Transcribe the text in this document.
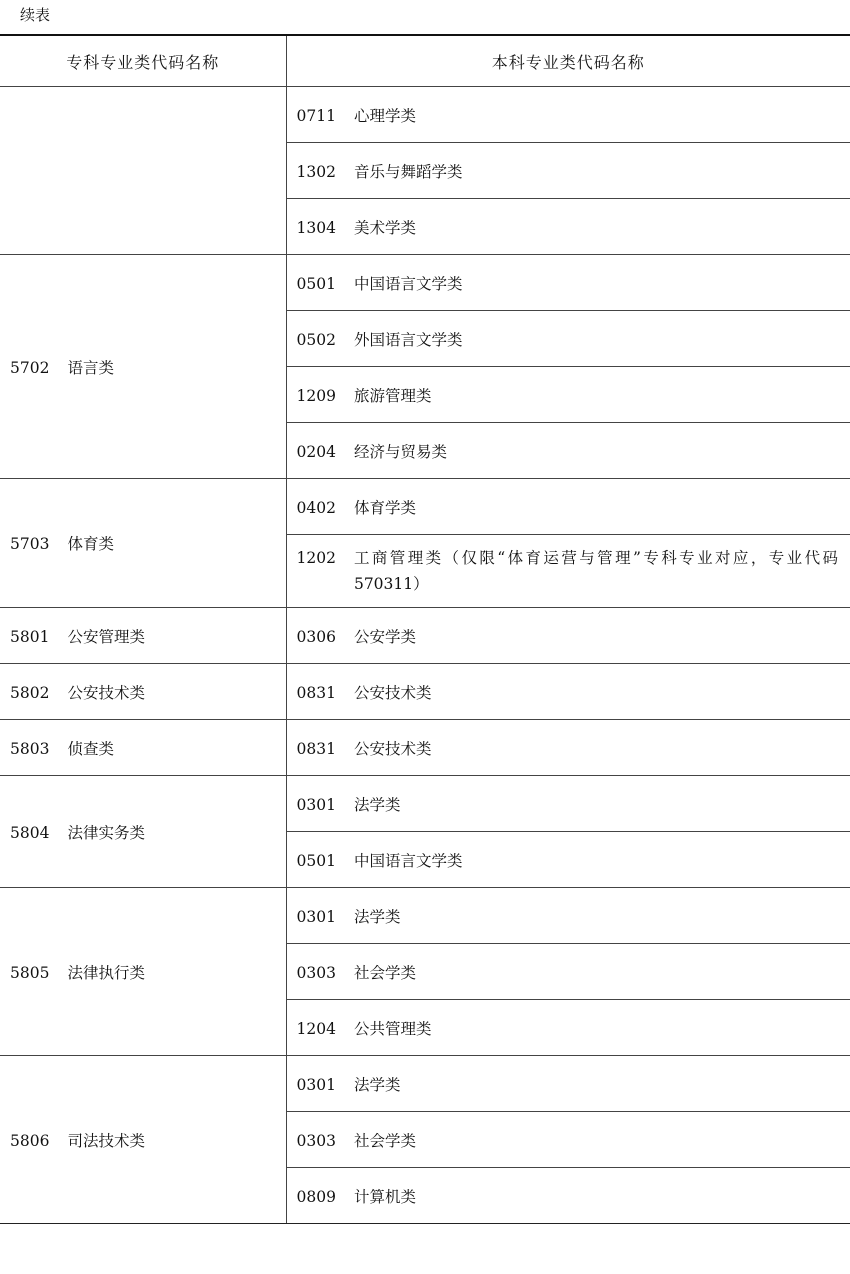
续表
专科专业类代码名称	本科专业类代码名称
	0711 心理学类
	1302 音乐与舞蹈学类
	1304 美术学类
5702 语言类	0501 中国语言文学类
	0502 外国语言文学类
	1209 旅游管理类
	0204 经济与贸易类
5703 体育类	0402 体育学类

	1202 工商管理类（仅限“体育运营与管理”专科专业对应，专业代码 570311）

5801 公安管理类	0306 公安学类
5802 公安技术类	0831 公安技术类
5803 侦查类	0831 公安技术类
5804 法律实务类	0301 法学类
	0501 中国语言文学类
5805 法律执行类	0301 法学类
	0303 社会学类
	1204 公共管理类
5806 司法技术类	0301 法学类
	0303 社会学类
	0809 计算机类
